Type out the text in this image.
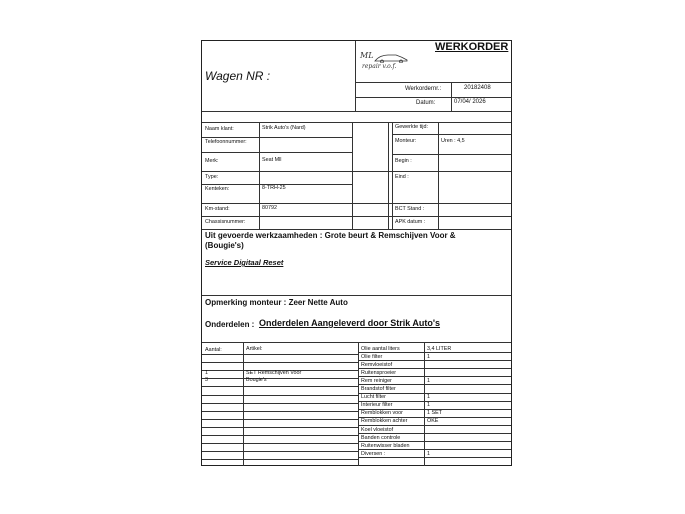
WERKORDER
Wagen NR :
ML
repair v.o.f.
Werkordernr.:	20182408
Datum:	07/04/ 2026
Naam klant:	Strik Auto's (Nard)
Telefoonnummer:
Merk:	Seat Mll
Type:
Kenteken:	8-TRH-25
Km-stand:	80792
Chassisnummer:
Gewerkte tijd:
Monteur:	Uren : 4,5
Begin :
Eind :
BCT Stand :
APK datum :
Uit gevoerde werkzaamheden : Grote beurt & Remschijven Voor &
(Bougie's)
Service Digitaal Reset
Opmerking monteur : Zeer Nette Auto
Onderdelen : Onderdelen Aangeleverd door Strik Auto's
Aantal:	Artikel:
1	SET Remschijven Voor
3	Bougie's
Olie aantal liters	3,4 LITER
Olie filter	1
Remvloeistof
Ruitensproeier
Rem reiniger	1
Brandstof filter
Lucht filter	1
Interieur filter	1
Remblokken voor	1 SET
Remblokken achter	OKE
Koel vloeistof
Banden controle
Ruitenwisser bladen
Diversen :	1
